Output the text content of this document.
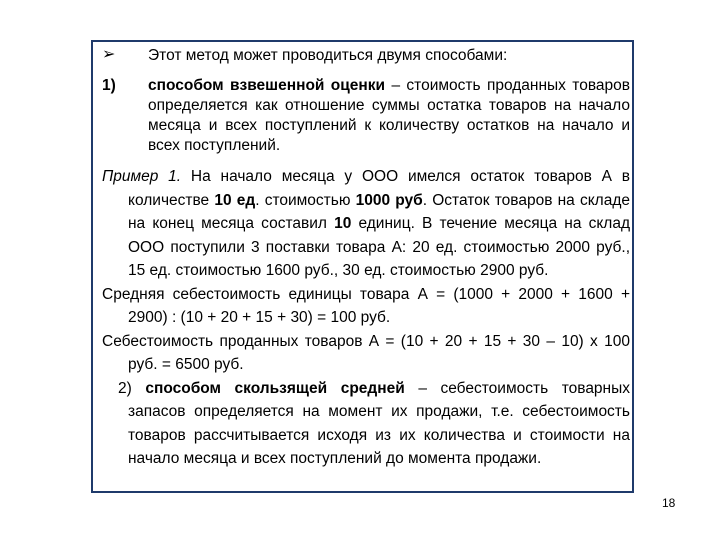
➢ Этот метод может проводиться двумя способами:
1) способом взвешенной оценки – стоимость проданных товаров определяется как отношение суммы остатка товаров на начало месяца и всех поступлений к количеству остатков на начало и всех поступлений.
Пример 1. На начало месяца у ООО имелся остаток товаров А в количестве 10 ед. стоимостью 1000 руб. Остаток товаров на складе на конец месяца составил 10 единиц. В течение месяца на склад ООО поступили 3 поставки товара А: 20 ед. стоимостью 2000 руб., 15 ед. стоимостью 1600 руб., 30 ед. стоимостью 2900 руб.
Средняя себестоимость единицы товара А = (1000 + 2000 + 1600 + 2900) : (10 + 20 + 15 + 30) = 100 руб.
Себестоимость проданных товаров А = (10 + 20 + 15 + 30 – 10) х 100 руб. = 6500 руб.
2) способом скользящей средней – себестоимость товарных запасов определяется на момент их продажи, т.е. себестоимость товаров рассчитывается исходя из их количества и стоимости на начало месяца и всех поступлений до момента продажи.
18
